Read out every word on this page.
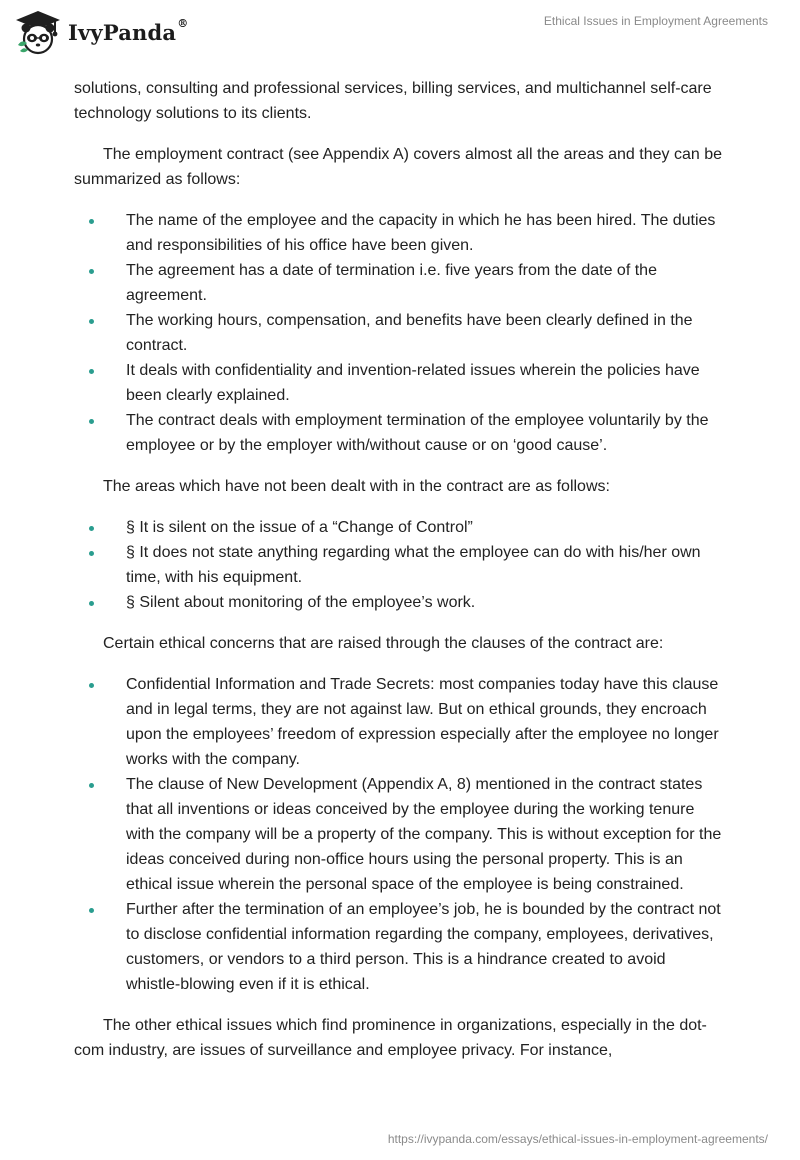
IvyPanda®	Ethical Issues in Employment Agreements

solutions, consulting and professional services, billing services, and multichannel self-care technology solutions to its clients.

The employment contract (see Appendix A) covers almost all the areas and they can be summarized as follows:

The name of the employee and the capacity in which he has been hired. The duties and responsibilities of his office have been given.
The agreement has a date of termination i.e. five years from the date of the agreement.
The working hours, compensation, and benefits have been clearly defined in the contract.
It deals with confidentiality and invention-related issues wherein the policies have been clearly explained.
The contract deals with employment termination of the employee voluntarily by the employee or by the employer with/without cause or on ‘good cause’.

The areas which have not been dealt with in the contract are as follows:

§ It is silent on the issue of a “Change of Control”
§ It does not state anything regarding what the employee can do with his/her own time, with his equipment.
§ Silent about monitoring of the employee’s work.

Certain ethical concerns that are raised through the clauses of the contract are:

Confidential Information and Trade Secrets: most companies today have this clause and in legal terms, they are not against law. But on ethical grounds, they encroach upon the employees’ freedom of expression especially after the employee no longer works with the company.
The clause of New Development (Appendix A, 8) mentioned in the contract states that all inventions or ideas conceived by the employee during the working tenure with the company will be a property of the company. This is without exception for the ideas conceived during non-office hours using the personal property. This is an ethical issue wherein the personal space of the employee is being constrained.
Further after the termination of an employee’s job, he is bounded by the contract not to disclose confidential information regarding the company, employees, derivatives, customers, or vendors to a third person. This is a hindrance created to avoid whistle-blowing even if it is ethical.

The other ethical issues which find prominence in organizations, especially in the dot-com industry, are issues of surveillance and employee privacy. For instance,

https://ivypanda.com/essays/ethical-issues-in-employment-agreements/
